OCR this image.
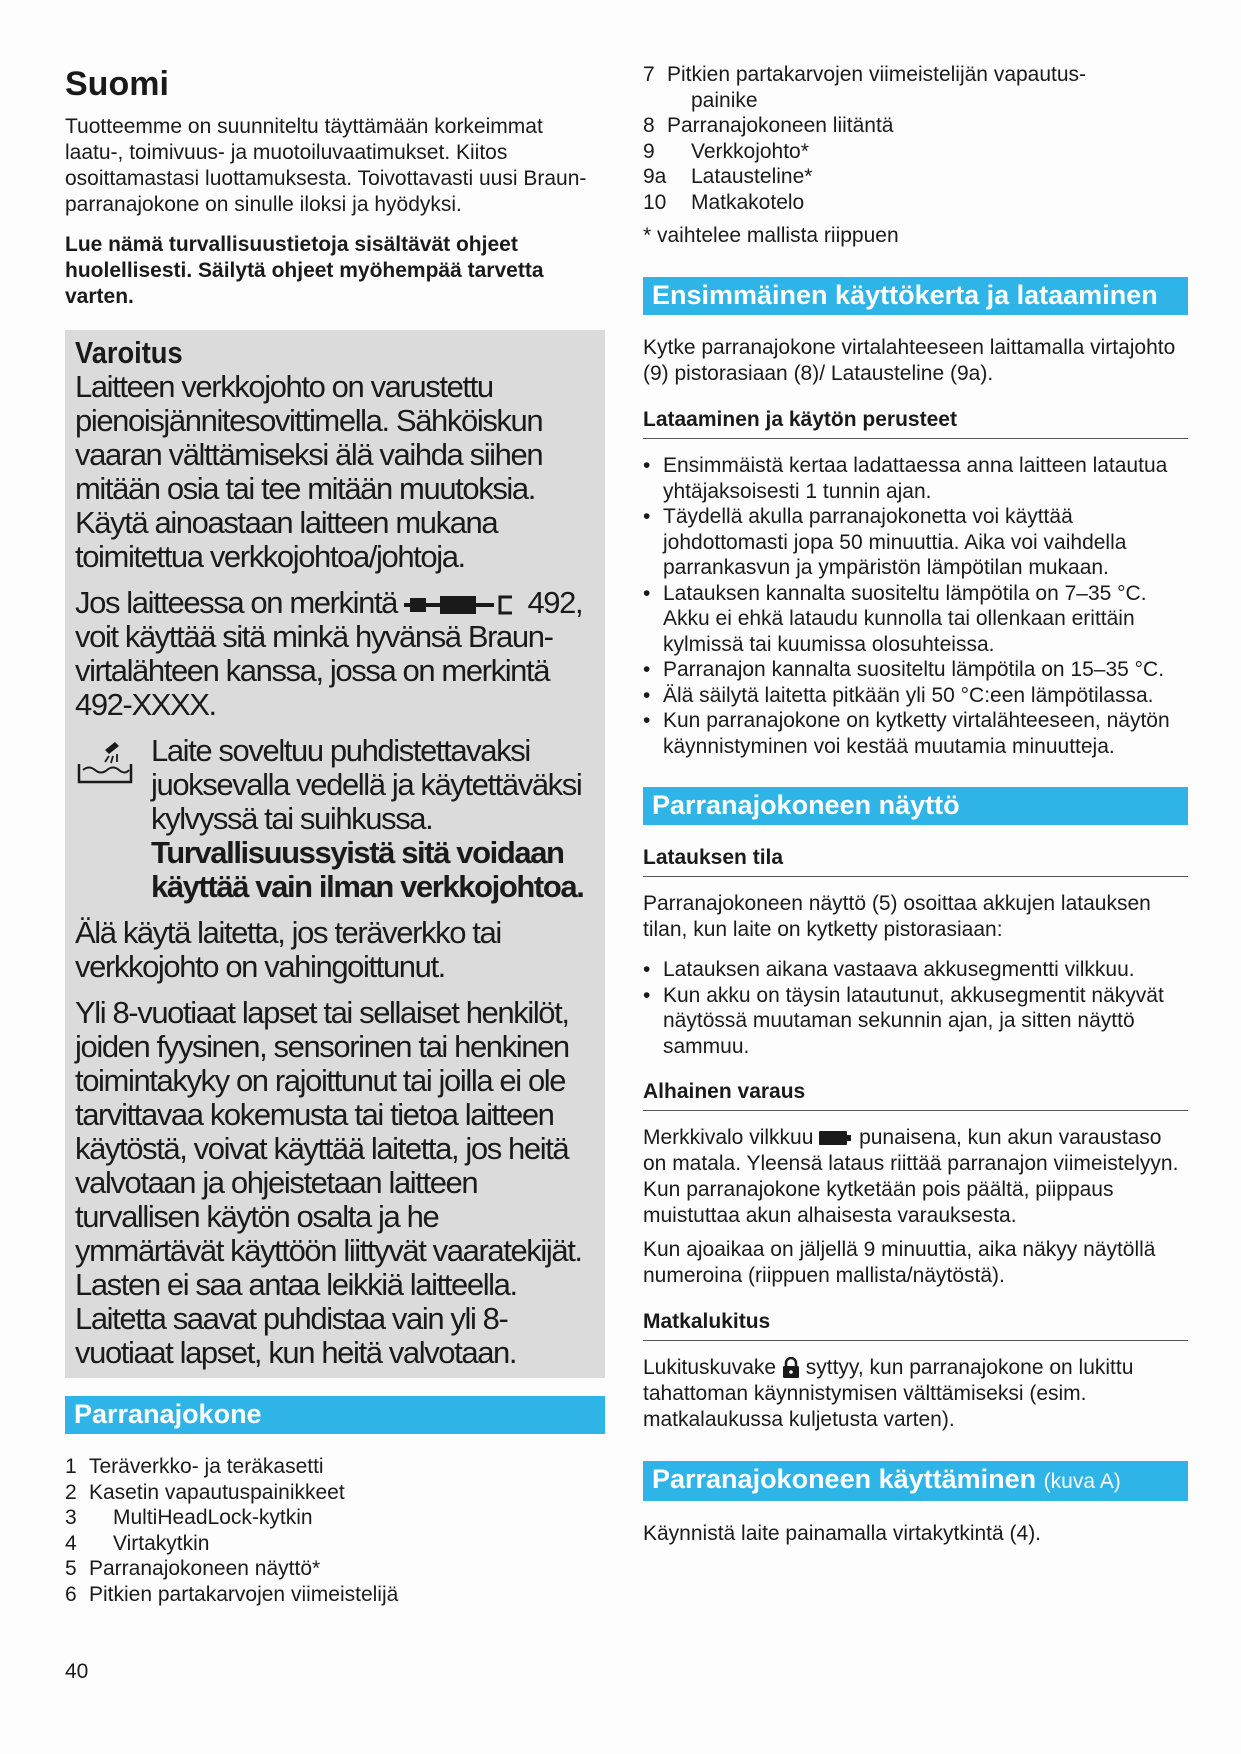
Suomi

Tuotteemme on suunniteltu täyttämään korkeimmat laatu-, toimivuus- ja muotoiluvaatimukset. Kiitos osoittamastasi luottamuksesta. Toivottavasti uusi Braun-parranajokone on sinulle iloksi ja hyödyksi.

Lue nämä turvallisuustietoja sisältävät ohjeet huolellisesti. Säilytä ohjeet myöhempää tarvetta varten.

Varoitus

Laitteen verkkojohto on varustettu pienoisjännitesovittimella. Sähköiskun vaaran välttämiseksi älä vaihda siihen mitään osia tai tee mitään muutoksia. Käytä ainoastaan laitteen mukana toimitettua verkkojohtoa/johtoja.

Jos laitteessa on merkintä	492, voit käyttää sitä minkä hyvänsä Braun-virtalähteen kanssa, jossa on merkintä 492-XXXX.

Laite soveltuu puhdistettavaksi juoksevalla vedellä ja käytettäväksi kylvyssä tai suihkussa. Turvallisuussyistä sitä voidaan käyttää vain ilman verkkojohtoa.

Älä käytä laitetta, jos teräverkko tai verkkojohto on vahingoittunut.

Yli 8-vuotiaat lapset tai sellaiset henkilöt, joiden fyysinen, sensorinen tai henkinen toimintakyky on rajoittunut tai joilla ei ole tarvittavaa kokemusta tai tietoa laitteen käytöstä, voivat käyttää laitetta, jos heitä valvotaan ja ohjeistetaan laitteen turvallisen käytön osalta ja he ymmärtävät käyttöön liittyvät vaaratekijät. Lasten ei saa antaa leikkiä laitteella. Laitetta saavat puhdistaa vain yli 8-vuotiaat lapset, kun heitä valvotaan.

Parranajokone
1 Teräverkko- ja teräkasetti
2 Kasetin vapautuspainikkeet
3	MultiHeadLock-kytkin
4	Virtakytkin
5 Parranajokoneen näyttö*
6 Pitkien partakarvojen viimeistelijä
40
7 Pitkien partakarvojen viimeistelijän vapautus-
painike
8 Parranajokoneen liitäntä
9	Verkkojohto*
9a	Latausteline*
10	Matkakotelo

* vaihtelee mallista riippuen

Ensimmäinen käyttökerta ja lataaminen

Kytke parranajokone virtalahteeseen laittamalla virtajohto (9) pistorasiaan (8)/ Latausteline (9a).

Lataaminen ja käytön perusteet
• Ensimmäistä kertaa ladattaessa anna laitteen latautua yhtäjaksoisesti 1 tunnin ajan.
• Täydellä akulla parranajokonetta voi käyttää johdottomasti jopa 50 minuuttia. Aika voi vaihdella parrankasvun ja ympäristön lämpötilan mukaan.
• Latauksen kannalta suositeltu lämpötila on 7–35 °C. Akku ei ehkä lataudu kunnolla tai ollenkaan erittäin kylmissä tai kuumissa olosuhteissa.
• Parranajon kannalta suositeltu lämpötila on 15–35 °C.
• Älä säilytä laitetta pitkään yli 50 °C:een lämpötilassa.
• Kun parranajokone on kytketty virtalähteeseen, näytön käynnistyminen voi kestää muutamia minuutteja.
Parranajokoneen näyttö
Latauksen tila

Parranajokoneen näyttö (5) osoittaa akkujen latauksen tilan, kun laite on kytketty pistorasiaan:

• Latauksen aikana vastaava akkusegmentti vilkkuu.
• Kun akku on täysin latautunut, akkusegmentit näkyvät näytössä muutaman sekunnin ajan, ja sitten näyttö sammuu.
Alhainen varaus

Merkkivalo vilkkuu punaisena, kun akun varaustaso on matala. Yleensä lataus riittää parranajon viimeistelyyn. Kun parranajokone kytketään pois päältä, piippaus muistuttaa akun alhaisesta varauksesta.

Kun ajoaikaa on jäljellä 9 minuuttia, aika näkyy näytöllä numeroina (riippuen mallista/näytöstä).

Matkalukitus

Lukituskuvake syttyy, kun parranajokone on lukittu tahattoman käynnistymisen välttämiseksi (esim. matkalaukussa kuljetusta varten).

Parranajokoneen käyttäminen (kuva A)

Käynnistä laite painamalla virtakytkintä (4).
